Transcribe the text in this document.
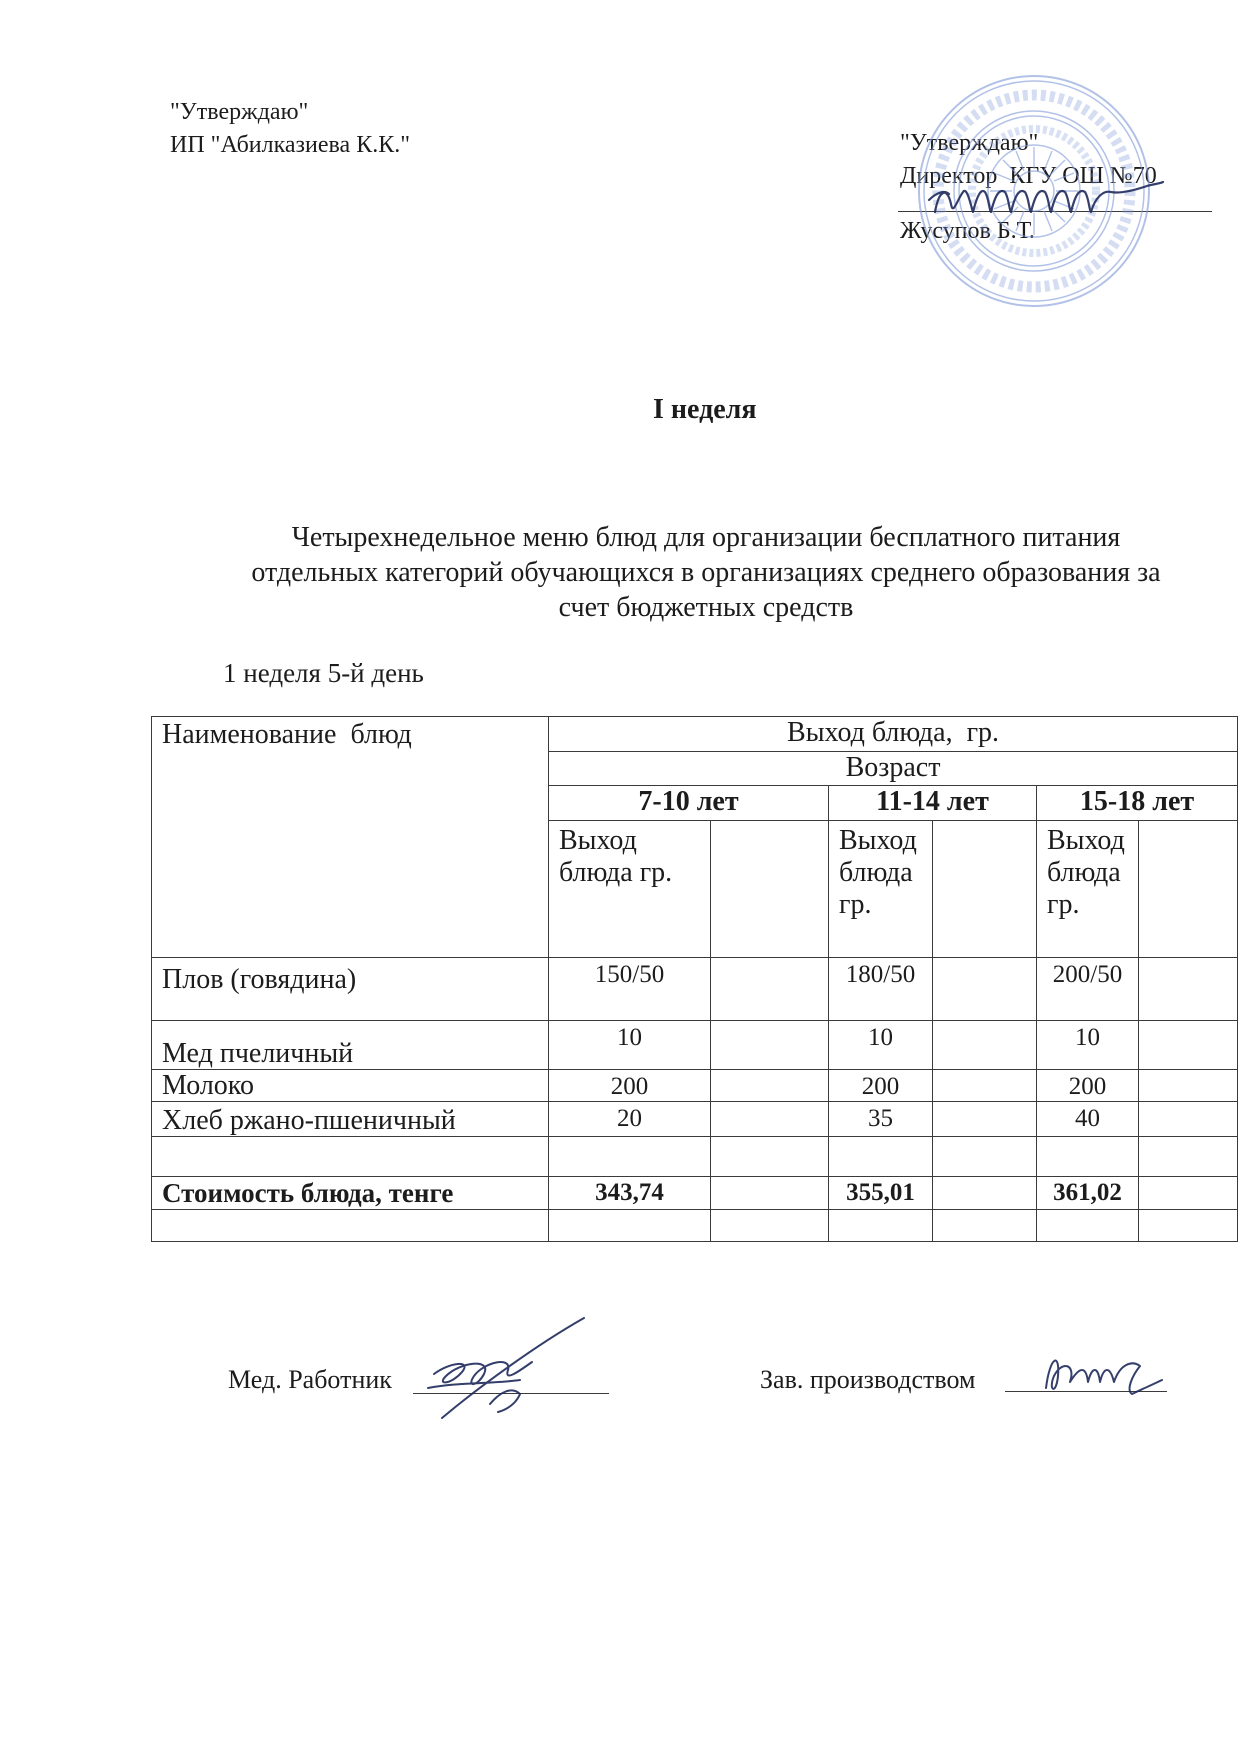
"Утверждаю"
ИП "Абилказиева К.К."	"Утверждаю"
Директор  КГУ ОШ №70
Жусупов Б.Т.
I неделя
Четырехнедельное меню блюд для организации бесплатного питания
отдельных категорий обучающихся в организациях среднего образования за
счет бюджетных средств
1 неделя 5-й день
Наименование  блюд	Выход блюда,  гр.					
	Возраст					
	7-10 лет		11-14 лет		15-18 лет	

	Выход блюда гр.		Выход блюда гр.		Выход блюда гр.	

Плов (говядина)	150/50		180/50		200/50	
Мед пчеличный	10		10		10	
Молоко	200		200		200	
Хлеб ржано-пшеничный	20		35		40	

Стоимость блюда, тенге	343,74		355,01		361,02	

Мед. Работник	Зав. производством
